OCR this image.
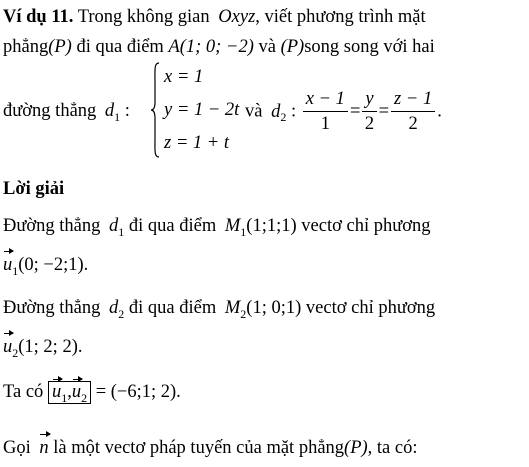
Ví dụ 11. Trong không gian Oxyz, viết phương trình mặt
phẳng(P) đi qua điểm A(1; 0; −2) và (P)song song với hai
đường thẳng $d_1$ :
x = 1
y = 1 − 2t
z = 1 + t
và $d_2$ : $\frac{x - 1}{1} = \frac{y}{2} = \frac{z - 1}{2}$ .
Lời giải
Đường thẳng $d_1$ đi qua điểm $M_1(1;1;1)$ vectơ chỉ phương
$u_1(0$; −2;1).
Đường thẳng $d_2$ đi qua điểm $M_2(1$; 0;1) vectơ chỉ phương
$u_2(1$; 2; 2).
Ta có $u_1,u_2$ = (−6;1; 2).
Gọi n là một vectơ pháp tuyến của mặt phẳng(P), ta có:
